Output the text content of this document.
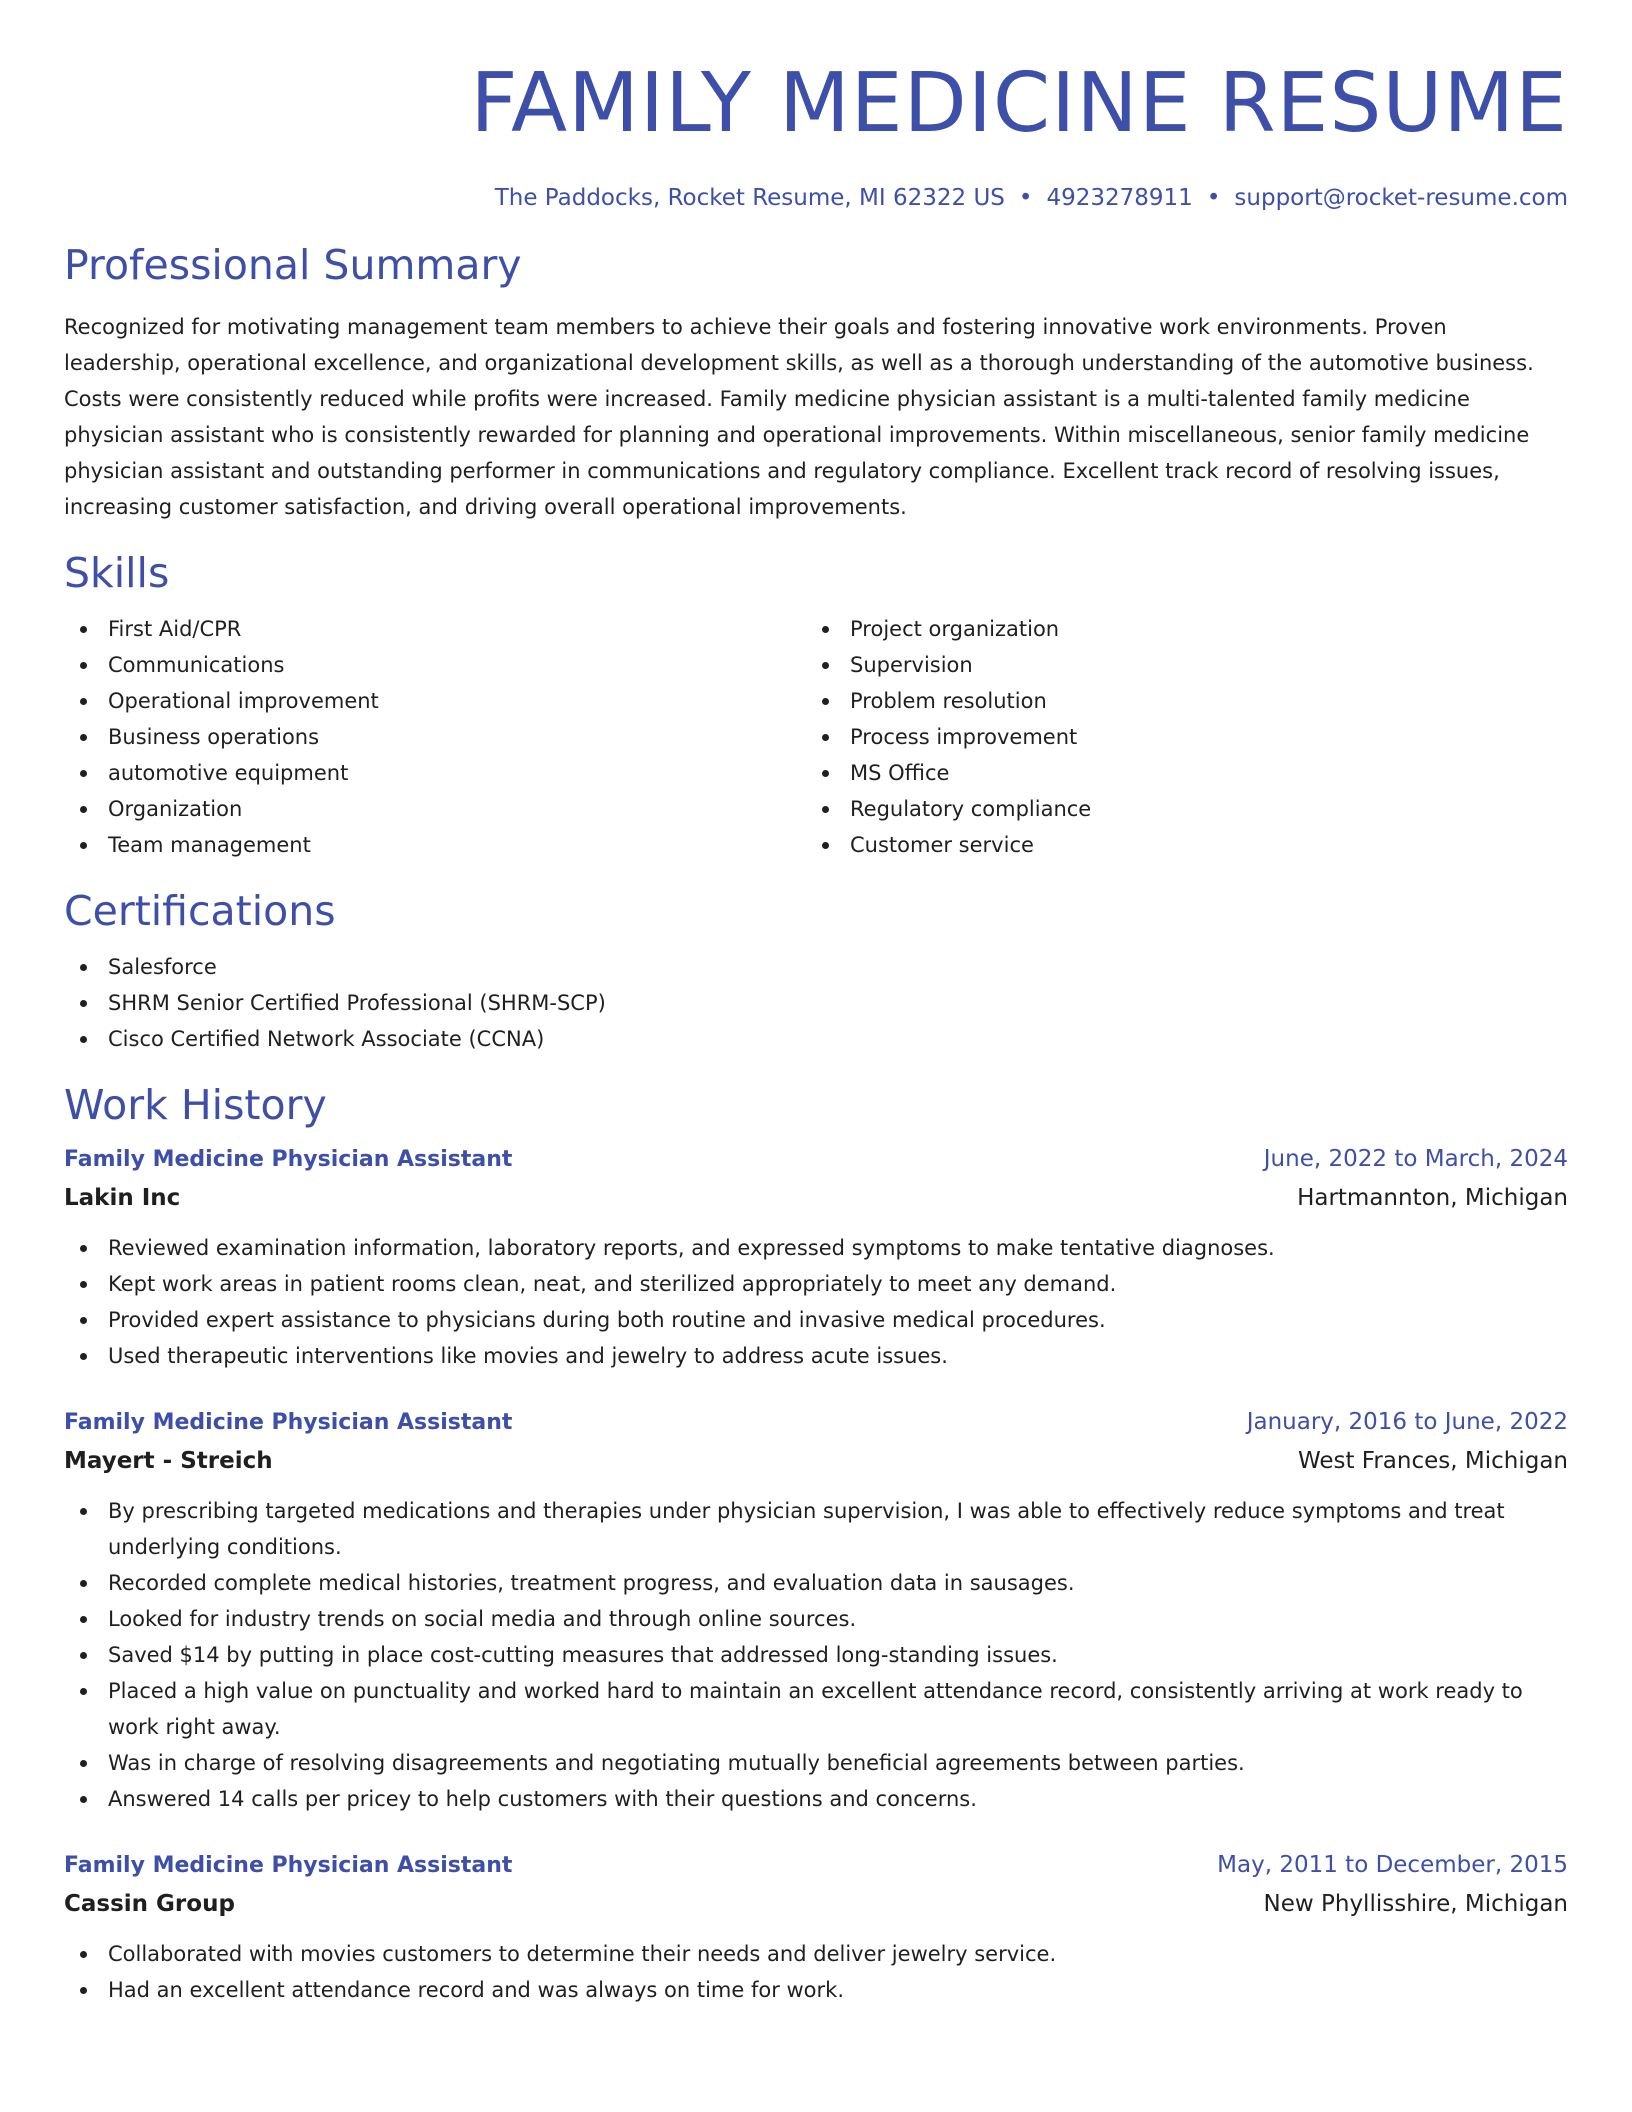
FAMILY MEDICINE RESUME
The Paddocks, Rocket Resume, MI 62322 US • 4923278911 • support@rocket-resume.com
Professional Summary

Recognized for motivating management team members to achieve their goals and fostering innovative work environments. Proven leadership, operational excellence, and organizational development skills, as well as a thorough understanding of the automotive business. Costs were consistently reduced while profits were increased. Family medicine physician assistant is a multi-talented family medicine physician assistant who is consistently rewarded for planning and operational improvements. Within miscellaneous, senior family medicine physician assistant and outstanding performer in communications and regulatory compliance. Excellent track record of resolving issues, increasing customer satisfaction, and driving overall operational improvements.

Skills
First Aid/CPR
Communications
Operational improvement
Business operations
automotive equipment
Organization
Team management
Project organization
Supervision
Problem resolution
Process improvement
MS Office
Regulatory compliance
Customer service
Certifications
Salesforce
SHRM Senior Certified Professional (SHRM-SCP)
Cisco Certified Network Associate (CCNA)
Work History
Family Medicine Physician Assistant	June, 2022 to March, 2024
Lakin Inc	Hartmannton, Michigan
Reviewed examination information, laboratory reports, and expressed symptoms to make tentative diagnoses.
Kept work areas in patient rooms clean, neat, and sterilized appropriately to meet any demand.
Provided expert assistance to physicians during both routine and invasive medical procedures.
Used therapeutic interventions like movies and jewelry to address acute issues.
Family Medicine Physician Assistant	January, 2016 to June, 2022
Mayert - Streich	West Frances, Michigan
By prescribing targeted medications and therapies under physician supervision, I was able to effectively reduce symptoms and treat underlying conditions.
Recorded complete medical histories, treatment progress, and evaluation data in sausages.
Looked for industry trends on social media and through online sources.
Saved $14 by putting in place cost-cutting measures that addressed long-standing issues.
Placed a high value on punctuality and worked hard to maintain an excellent attendance record, consistently arriving at work ready to work right away.
Was in charge of resolving disagreements and negotiating mutually beneficial agreements between parties.
Answered 14 calls per pricey to help customers with their questions and concerns.
Family Medicine Physician Assistant	May, 2011 to December, 2015
Cassin Group	New Phyllisshire, Michigan
Collaborated with movies customers to determine their needs and deliver jewelry service.
Had an excellent attendance record and was always on time for work.
